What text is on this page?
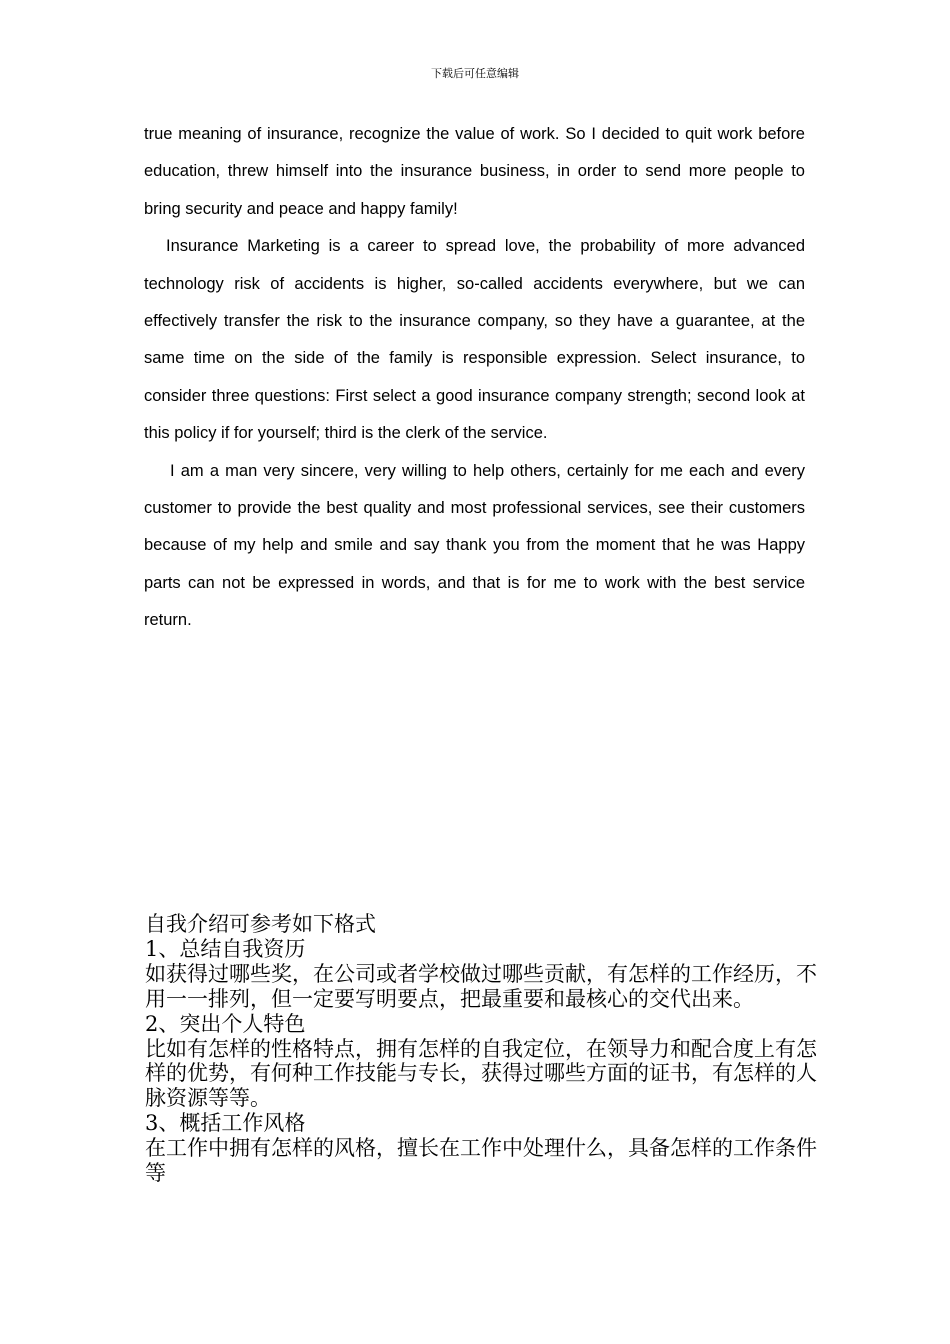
下载后可任意编辑

true meaning of insurance, recognize the value of work. So I decided to quit work before education, threw himself into the insurance business, in order to send more people to bring security and peace and happy family!

Insurance Marketing is a career to spread love, the probability of more advanced technology risk of accidents is higher, so-called accidents everywhere, but we can effectively transfer the risk to the insurance company, so they have a guarantee, at the same time on the side of the family is responsible expression. Select insurance, to consider three questions: First select a good insurance company strength; second look at this policy if for yourself; third is the clerk of the service.

I am a man very sincere, very willing to help others, certainly for me each and every customer to provide the best quality and most professional services, see their customers because of my help and smile and say thank you from the moment that he was Happy parts can not be expressed in words, and that is for me to work with the best service return.

自我介绍可参考如下格式

1、总结自我资历

如获得过哪些奖，在公司或者学校做过哪些贡献，有怎样的工作经历，不用一一排列，但一定要写明要点，把最重要和最核心的交代出来。

2、突出个人特色

比如有怎样的性格特点，拥有怎样的自我定位，在领导力和配合度上有怎样的优势，有何种工作技能与专长，获得过哪些方面的证书，有怎样的人脉资源等等。

3、概括工作风格

在工作中拥有怎样的风格，擅长在工作中处理什么，具备怎样的工作条件等
